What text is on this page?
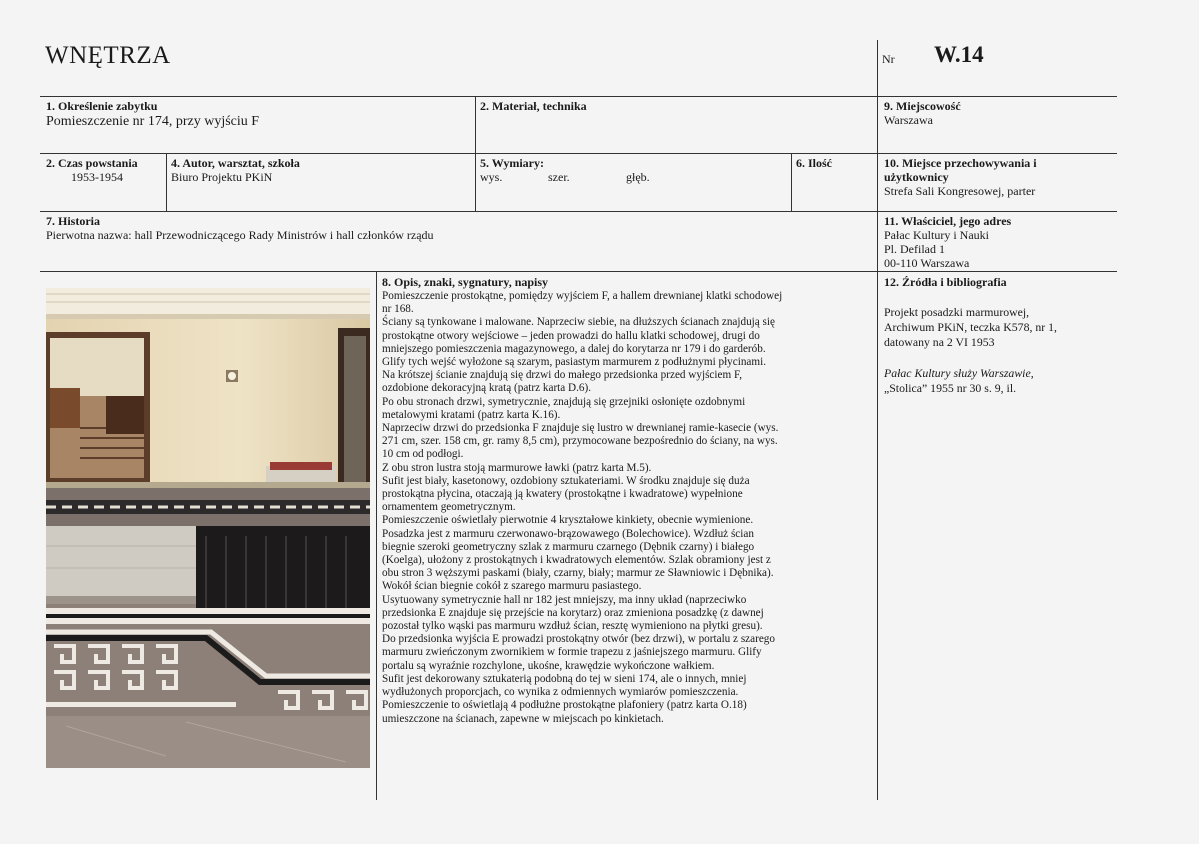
WNĘTRZA	Nr W.14
1. Określenie zabytku
Pomieszczenie nr 174, przy wyjściu F
2. Materiał, technika	9. Miejscowość
Warszawa
2. Czas powstania
1953-1954
4. Autor, warsztat, szkoła
Biuro Projektu PKiN
5. Wymiary:
wys.	szer.	głęb.
6. Ilość	10. Miejsce przechowywania i
użytkownicy
Strefa Sali Kongresowej, parter
7. Historia
Pierwotna nazwa: hall Przewodniczącego Rady Ministrów i hall członków rządu
11. Właściciel, jego adres
Pałac Kultury i Nauki
Pl. Defilad 1
00-110 Warszawa
8. Opis, znaki, sygnatury, napisy
Pomieszczenie prostokątne, pomiędzy wyjściem F, a hallem drewnianej klatki schodowej
nr 168.
Ściany są tynkowane i malowane. Naprzeciw siebie, na dłuższych ścianach znajdują się
prostokątne otwory wejściowe – jeden prowadzi do hallu klatki schodowej, drugi do
mniejszego pomieszczenia magazynowego, a dalej do korytarza nr 179 i do garderób.
Glify tych wejść wyłożone są szarym, pasiastym marmurem z podłużnymi płycinami.
Na krótszej ścianie znajdują się drzwi do małego przedsionka przed wyjściem F,
ozdobione dekoracyjną kratą (patrz karta D.6).
Po obu stronach drzwi, symetrycznie, znajdują się grzejniki osłonięte ozdobnymi
metalowymi kratami (patrz karta K.16).
Naprzeciw drzwi do przedsionka F znajduje się lustro w drewnianej ramie-kasecie (wys.
271 cm, szer. 158 cm, gr. ramy 8,5 cm), przymocowane bezpośrednio do ściany, na wys.
10 cm od podłogi.
Z obu stron lustra stoją marmurowe ławki (patrz karta M.5).
Sufit jest biały, kasetonowy, ozdobiony sztukateriami. W środku znajduje się duża
prostokątna płycina, otaczają ją kwatery (prostokątne i kwadratowe) wypełnione
ornamentem geometrycznym.
Pomieszczenie oświetlały pierwotnie 4 kryształowe kinkiety, obecnie wymienione.
Posadzka jest z marmuru czerwonawo-brązowawego (Bolechowice). Wzdłuż ścian
biegnie szeroki geometryczny szlak z marmuru czarnego (Dębnik czarny) i białego
(Koelga), ułożony z prostokątnych i kwadratowych elementów. Szlak obramiony jest z
obu stron 3 węższymi paskami (biały, czarny, biały; marmur ze Sławniowic i Dębnika).
Wokół ścian biegnie cokół z szarego marmuru pasiastego.
Usytuowany symetrycznie hall nr 182 jest mniejszy, ma inny układ (naprzeciwko
przedsionka E znajduje się przejście na korytarz) oraz zmieniona posadzkę (z dawnej
pozostał tylko wąski pas marmuru wzdłuż ścian, resztę wymieniono na płytki gresu).
Do przedsionka wyjścia E prowadzi prostokątny otwór (bez drzwi), w portalu z szarego
marmuru zwieńczonym zwornikiem w formie trapezu z jaśniejszego marmuru. Glify
portalu są wyraźnie rozchylone, ukośne, krawędzie wykończone wałkiem.
Sufit jest dekorowany sztukaterią podobną do tej w sieni 174, ale o innych, mniej
wydłużonych proporcjach, co wynika z odmiennych wymiarów pomieszczenia.
Pomieszczenie to oświetlają 4 podłużne prostokątne plafoniery (patrz karta O.18)
umieszczone na ścianach, zapewne w miejscach po kinkietach.
12. Źródła i bibliografia
Projekt posadzki marmurowej,
Archiwum PKiN, teczka K578, nr 1,
datowany na 2 VI 1953
Pałac Kultury służy Warszawie,
„Stolica” 1955 nr 30 s. 9, il.
